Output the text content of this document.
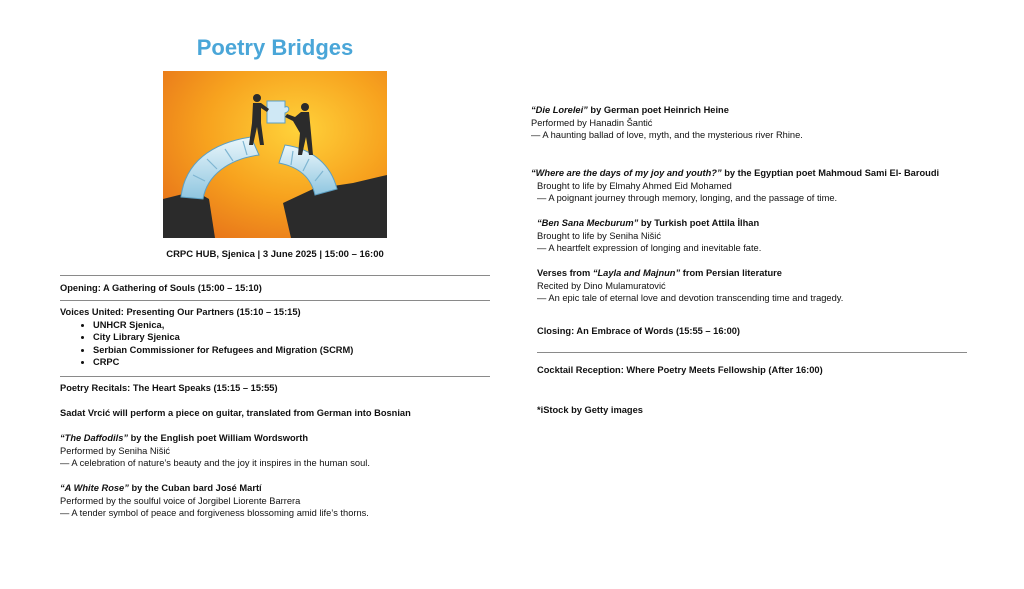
Poetry Bridges
CRPC HUB, Sjenica | 3 June 2025 | 15:00 – 16:00
Opening: A Gathering of Souls (15:00 – 15:10)
Voices United: Presenting Our Partners (15:10 – 15:15)
• UNHCR Sjenica,
• City Library Sjenica
• Serbian Commissioner for Refugees and Migration (SCRM)
• CRPC
Poetry Recitals: The Heart Speaks (15:15 – 15:55)
Sadat Vrcić will perform a piece on guitar, translated from German into Bosnian

“The Daffodils” by the English poet William Wordsworth

Performed by Seniha Nišić

— A celebration of nature’s beauty and the joy it inspires in the human soul.

“A White Rose” by the Cuban bard José Martí

Performed by the soulful voice of Jorgibel Liorente Barrera

— A tender symbol of peace and forgiveness blossoming amid life’s thorns.

“Die Lorelei” by German poet Heinrich Heine

Performed by Hanadin Šantić

— A haunting ballad of love, myth, and the mysterious river Rhine.

“Where are the days of my joy and youth?” by the Egyptian poet Mahmoud Sami El- Baroudi

Brought to life by Elmahy Ahmed Eid Mohamed

— A poignant journey through memory, longing, and the passage of time.

“Ben Sana Mecburum” by Turkish poet Attila İlhan

Brought to life by Seniha Nišić

— A heartfelt expression of longing and inevitable fate.

Verses from “Layla and Majnun” from Persian literature

Recited by Dino Mulamuratović

— An epic tale of eternal love and devotion transcending time and tragedy.

Closing: An Embrace of Words (15:55 – 16:00)
Cocktail Reception: Where Poetry Meets Fellowship (After 16:00)
*iStock by Getty images
